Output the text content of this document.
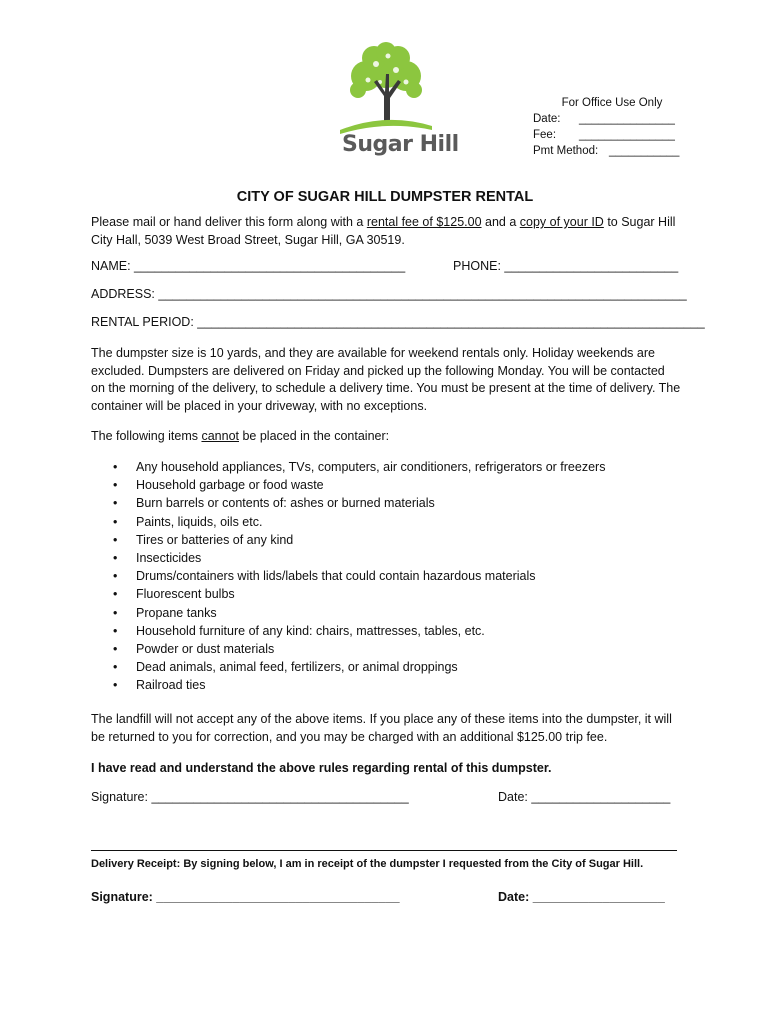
Sugar Hill
For Office Use Only
Date:	_______________
Fee:	_______________
Pmt Method: ___________
CITY OF SUGAR HILL DUMPSTER RENTAL
Please mail or hand deliver this form along with a rental fee of $125.00 and a copy of your ID to Sugar Hill City Hall, 5039 West Broad Street, Sugar Hill, GA 30519.
NAME: _______________________________________	PHONE: _________________________
ADDRESS: ____________________________________________________________________________
RENTAL PERIOD: _________________________________________________________________________
The dumpster size is 10 yards, and they are available for weekend rentals only. Holiday weekends are excluded. Dumpsters are delivered on Friday and picked up the following Monday. You will be contacted on the morning of the delivery, to schedule a delivery time. You must be present at the time of delivery. The container will be placed in your driveway, with no exceptions.
The following items cannot be placed in the container:
• Any household appliances, TVs, computers, air conditioners, refrigerators or freezers
• Household garbage or food waste
• Burn barrels or contents of: ashes or burned materials
• Paints, liquids, oils etc.
• Tires or batteries of any kind
• Insecticides
• Drums/containers with lids/labels that could contain hazardous materials
• Fluorescent bulbs
• Propane tanks
• Household furniture of any kind: chairs, mattresses, tables, etc.
• Powder or dust materials
• Dead animals, animal feed, fertilizers, or animal droppings
• Railroad ties
The landfill will not accept any of the above items. If you place any of these items into the dumpster, it will be returned to you for correction, and you may be charged with an additional $125.00 trip fee.
I have read and understand the above rules regarding rental of this dumpster.
Signature: _____________________________________	Date: ____________________
Delivery Receipt: By signing below, I am in receipt of the dumpster I requested from the City of Sugar Hill.
Signature: ___________________________________	Date: ___________________
